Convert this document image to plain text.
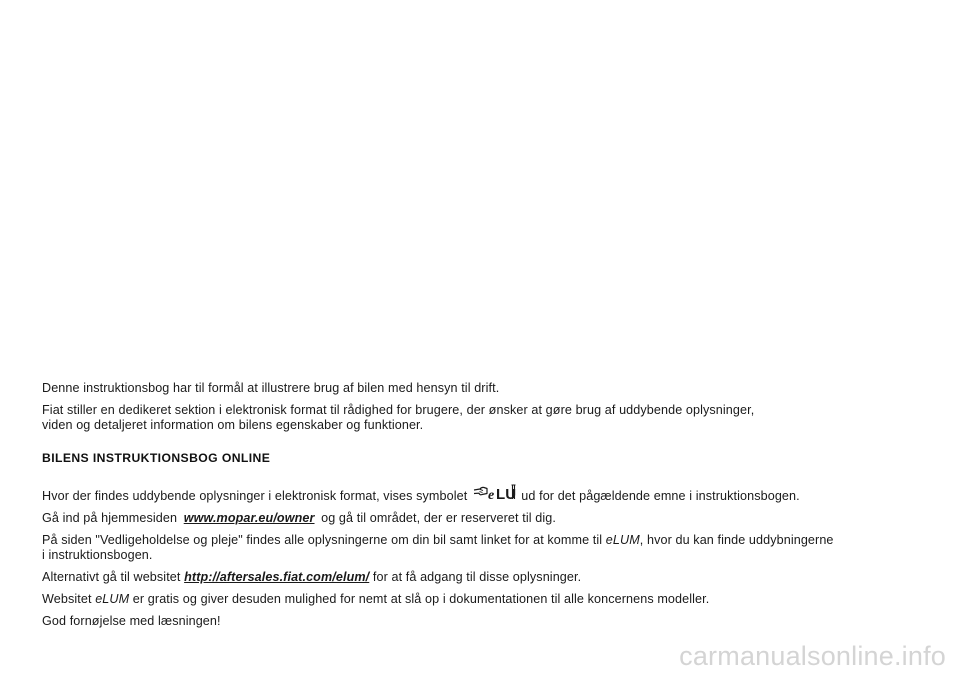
Denne instruktionsbog har til formål at illustrere brug af bilen med hensyn til drift.

Fiat stiller en dedikeret sektion i elektronisk format til rådighed for brugere, der ønsker at gøre brug af uddybende oplysninger,

viden og detaljeret information om bilens egenskaber og funktioner.

BILENS INSTRUKTIONSBOG ONLINE

Hvor der findes uddybende oplysninger i elektronisk format, vises symbolet e LU ud for det pågældende emne i instruktionsbogen.

Gå ind på hjemmesiden www.mopar.eu/owner og gå til området, der er reserveret til dig.

På siden "Vedligeholdelse og pleje" findes alle oplysningerne om din bil samt linket for at komme til eLUM, hvor du kan finde uddybningerne

i instruktionsbogen.

Alternativt gå til websitet http://aftersales.fiat.com/elum/ for at få adgang til disse oplysninger.

Websitet eLUM er gratis og giver desuden mulighed for nemt at slå op i dokumentationen til alle koncernens modeller.

God fornøjelse med læsningen!

carmanualsonline.info
